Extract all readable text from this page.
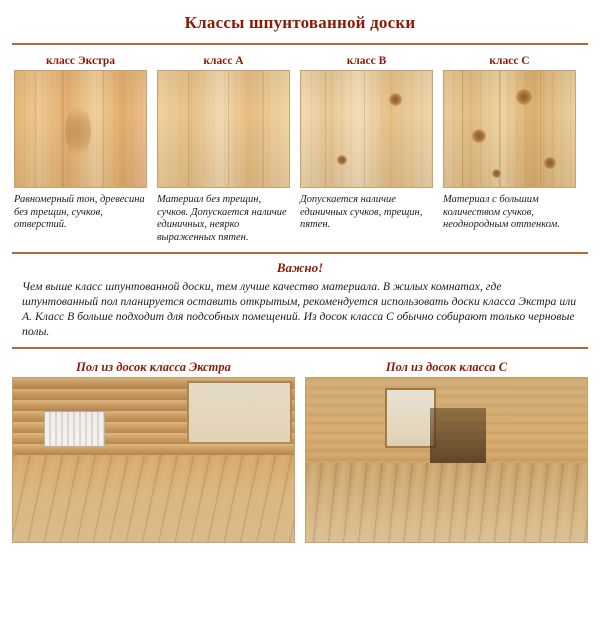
Классы шпунтованной доски
класс Экстра
Равномерный тон, древесина без трещин, сучков, отверстий.
класс А
Материал без трещин, сучков. Допускается наличие единичных, неярко выраженных пятен.
класс В
Допускается наличие единичных сучков, трещин, пятен.
класс С
Материал с большим количеством сучков, неоднородным оттенком.
Важно!
Чем выше класс шпунтованной доски, тем лучше качество материала. В жилых комнатах, где шпунтованный пол планируется оставить открытым, рекомендуется использовать доски класса Экстра или А. Класс В больше подходит для подсобных помещений. Из досок класса С обычно собирают только черновые полы.
Пол из досок класса Экстра	Пол из досок класса С
